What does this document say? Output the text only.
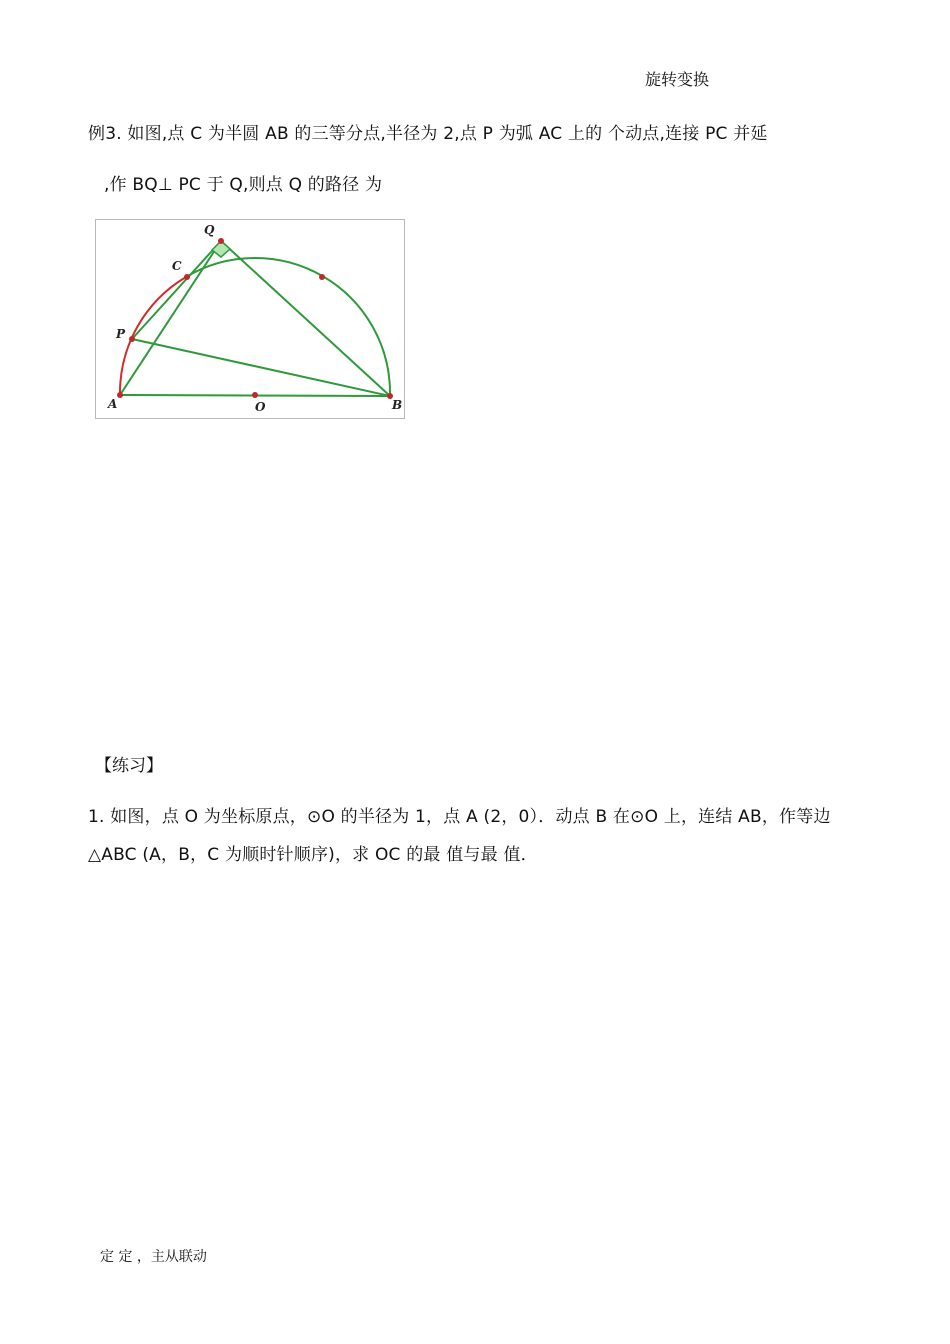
旋转变换
例3. 如图,点 C 为半圆 AB 的三等分点,半径为 2,点 P 为弧 AC 上的 个动点,连接 PC 并延
,作 BQ⊥ PC 于 Q,则点 Q 的路径 为
Q
C
P
A	O	B
【练习】
1. 如图，点 O 为坐标原点，⊙O 的半径为 1，点 A (2，0）．动点 B 在⊙O 上，连结 AB，作等边
△ABC (A，B，C 为顺时针顺序)，求 OC 的最 值与最 值．
定 定 ，主从联动
